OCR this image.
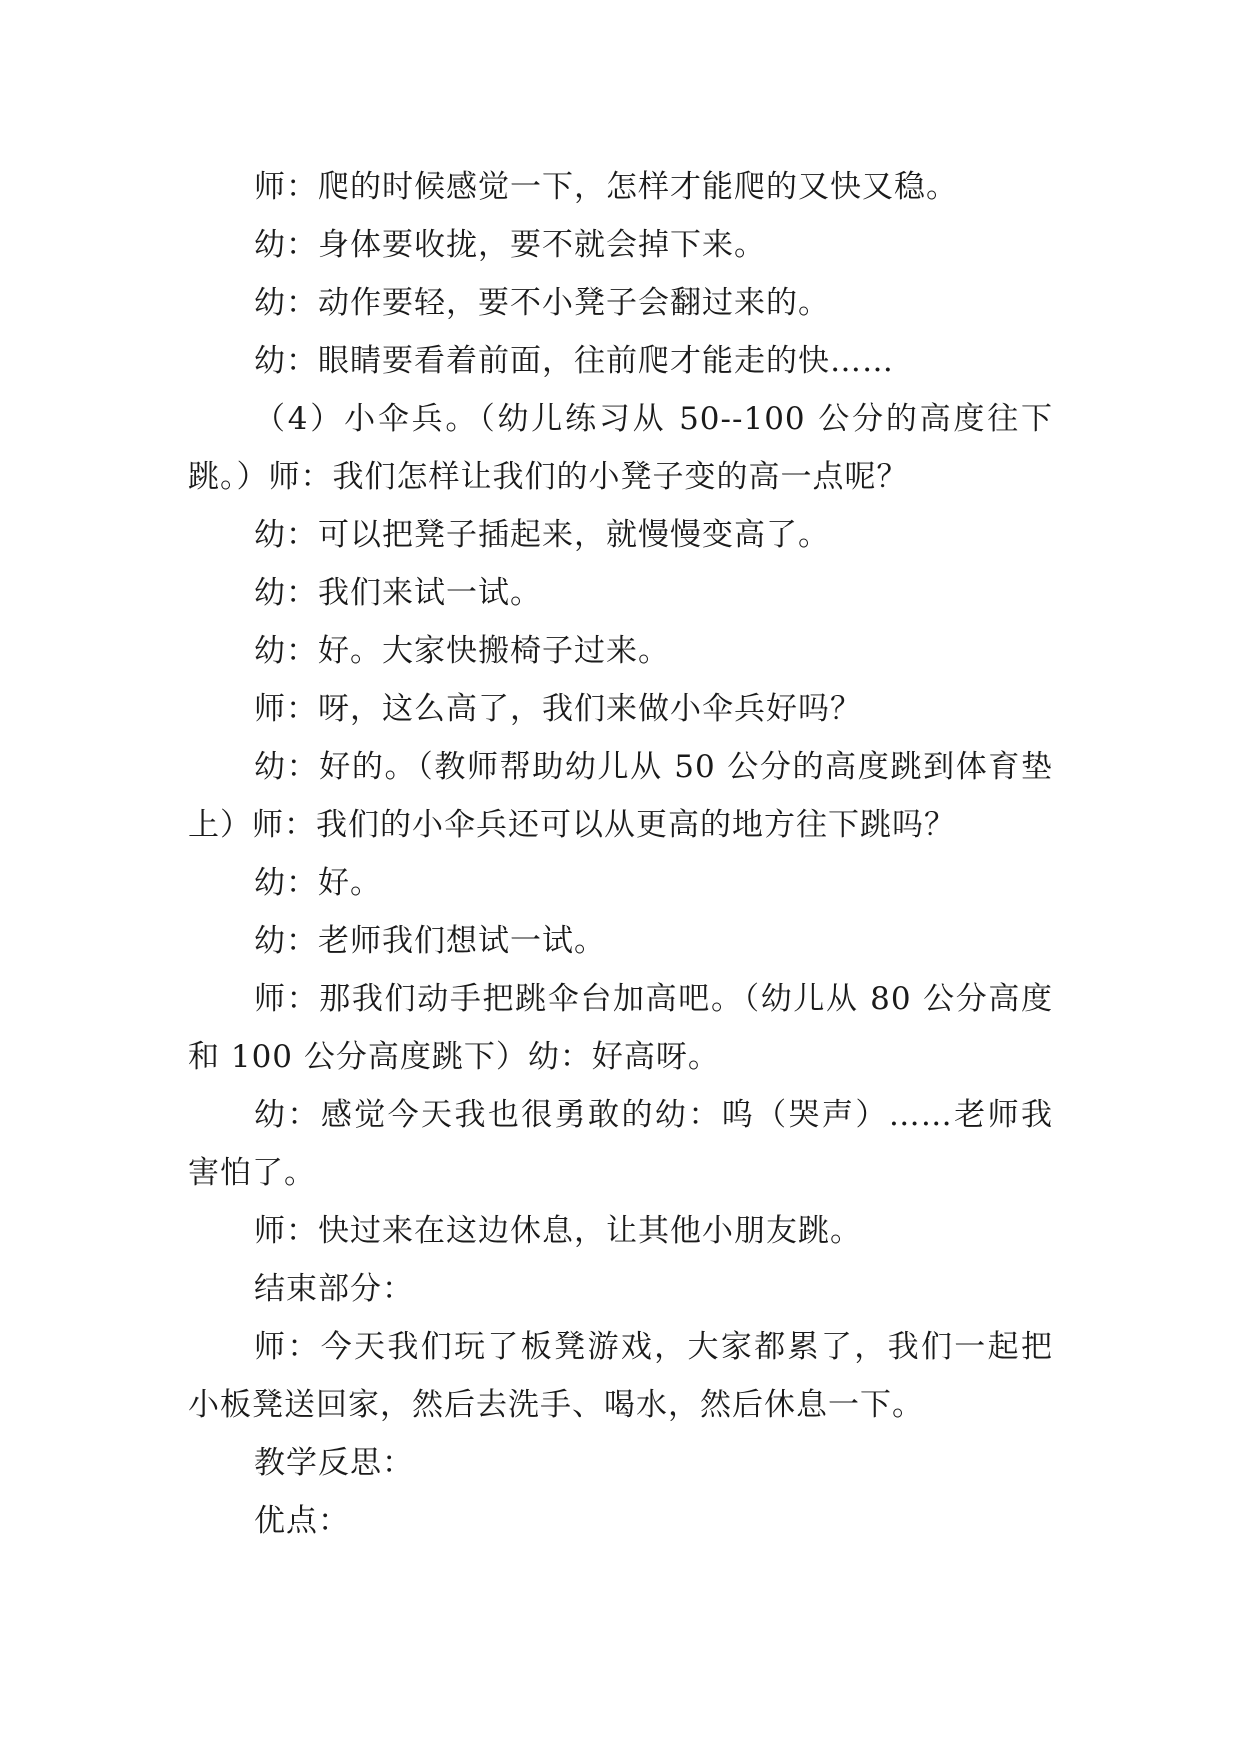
师：爬的时候感觉一下，怎样才能爬的又快又稳。

幼：身体要收拢，要不就会掉下来。

幼：动作要轻，要不小凳子会翻过来的。

幼：眼睛要看着前面，往前爬才能走的快……

（4）小伞兵。（幼儿练习从 50--100 公分的高度往下跳。）师：我们怎样让我们的小凳子变的高一点呢？

幼：可以把凳子插起来，就慢慢变高了。

幼：我们来试一试。

幼：好。大家快搬椅子过来。

师：呀，这么高了，我们来做小伞兵好吗？

幼：好的。（教师帮助幼儿从 50 公分的高度跳到体育垫上）师：我们的小伞兵还可以从更高的地方往下跳吗？

幼：好。

幼：老师我们想试一试。

师：那我们动手把跳伞台加高吧。（幼儿从 80 公分高度和 100 公分高度跳下）幼：好高呀。

幼：感觉今天我也很勇敢的幼：呜（哭声）……老师我害怕了。

师：快过来在这边休息，让其他小朋友跳。

结束部分：

师：今天我们玩了板凳游戏，大家都累了，我们一起把小板凳送回家，然后去洗手、喝水，然后休息一下。

教学反思：

优点：
